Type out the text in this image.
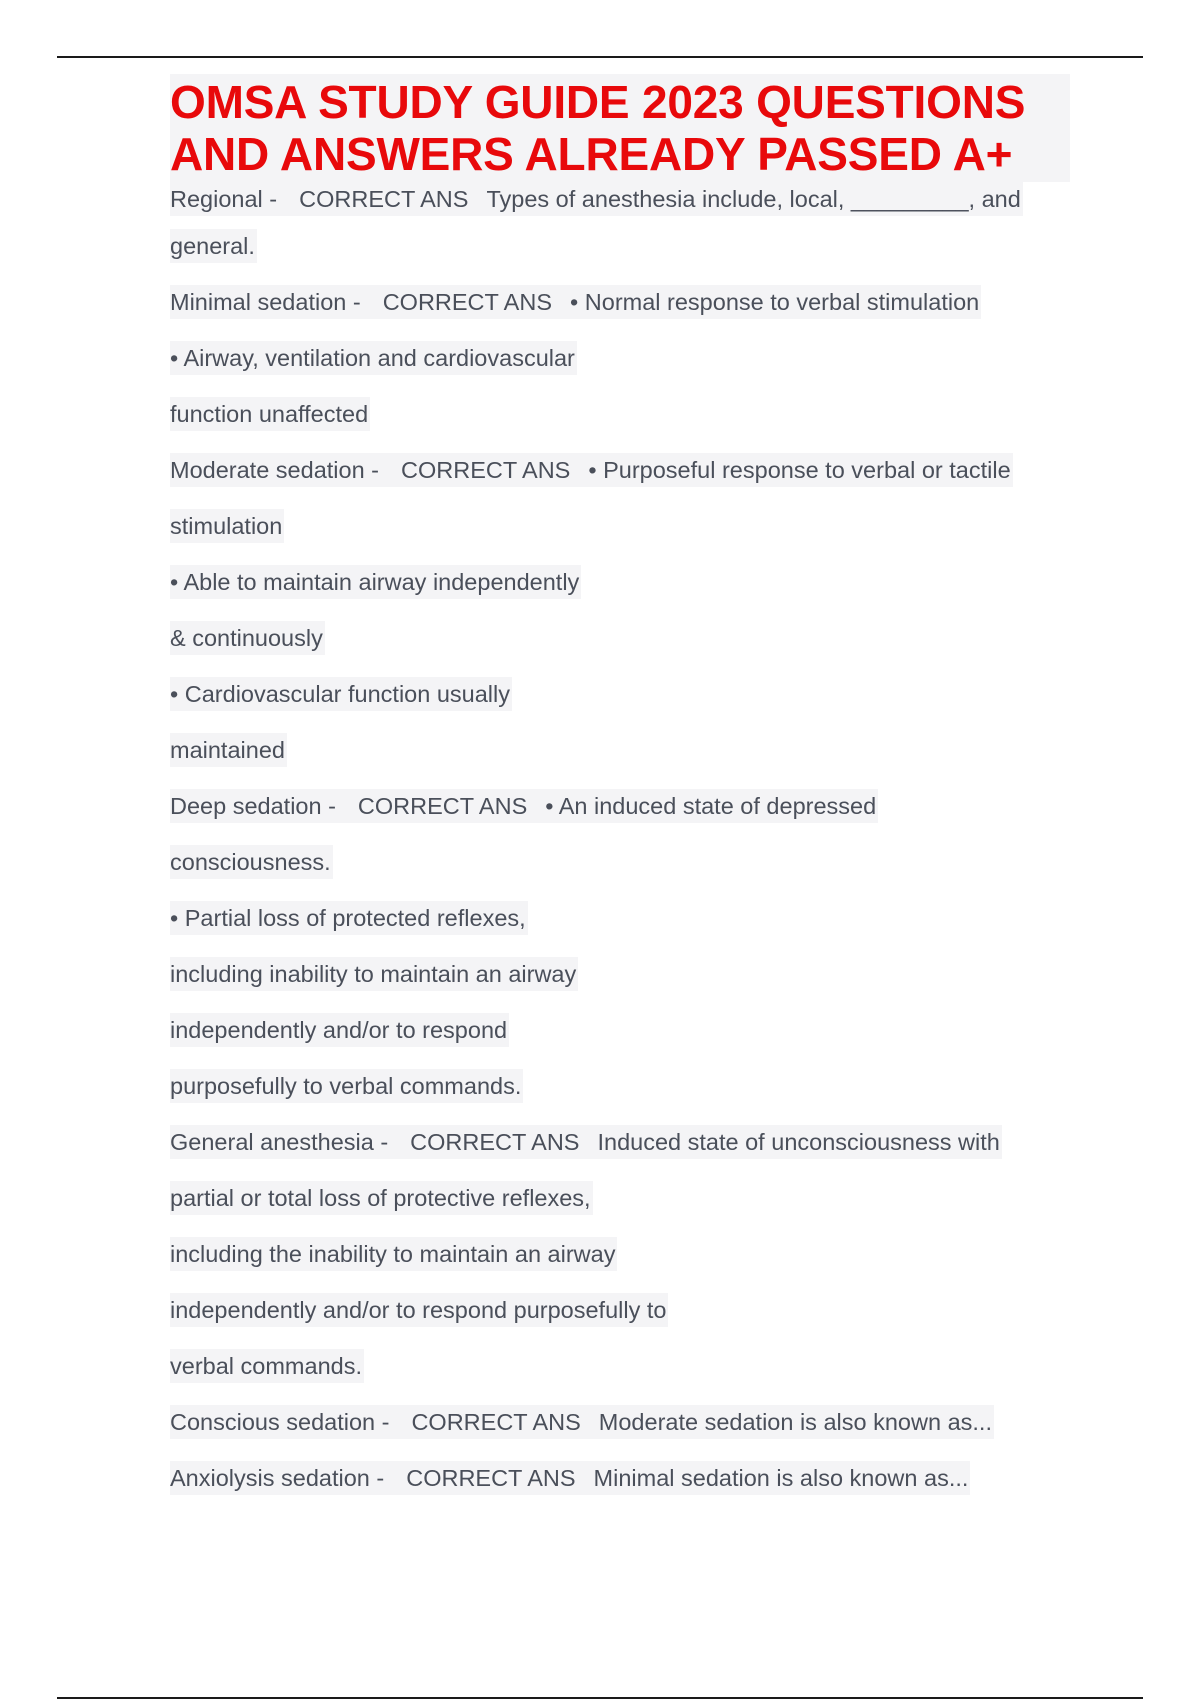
OMSA STUDY GUIDE 2023 QUESTIONS
AND ANSWERS ALREADY PASSED A+
Regional - CORRECT ANS Types of anesthesia include, local, _________, and
general.
Minimal sedation - CORRECT ANS • Normal response to verbal stimulation
• Airway, ventilation and cardiovascular
function unaffected
Moderate sedation - CORRECT ANS • Purposeful response to verbal or tactile
stimulation
• Able to maintain airway independently
& continuously
• Cardiovascular function usually
maintained
Deep sedation - CORRECT ANS • An induced state of depressed
consciousness.
• Partial loss of protected reflexes,
including inability to maintain an airway
independently and/or to respond
purposefully to verbal commands.
General anesthesia - CORRECT ANS Induced state of unconsciousness with
partial or total loss of protective reflexes,
including the inability to maintain an airway
independently and/or to respond purposefully to
verbal commands.
Conscious sedation - CORRECT ANS Moderate sedation is also known as...
Anxiolysis sedation - CORRECT ANS Minimal sedation is also known as...
